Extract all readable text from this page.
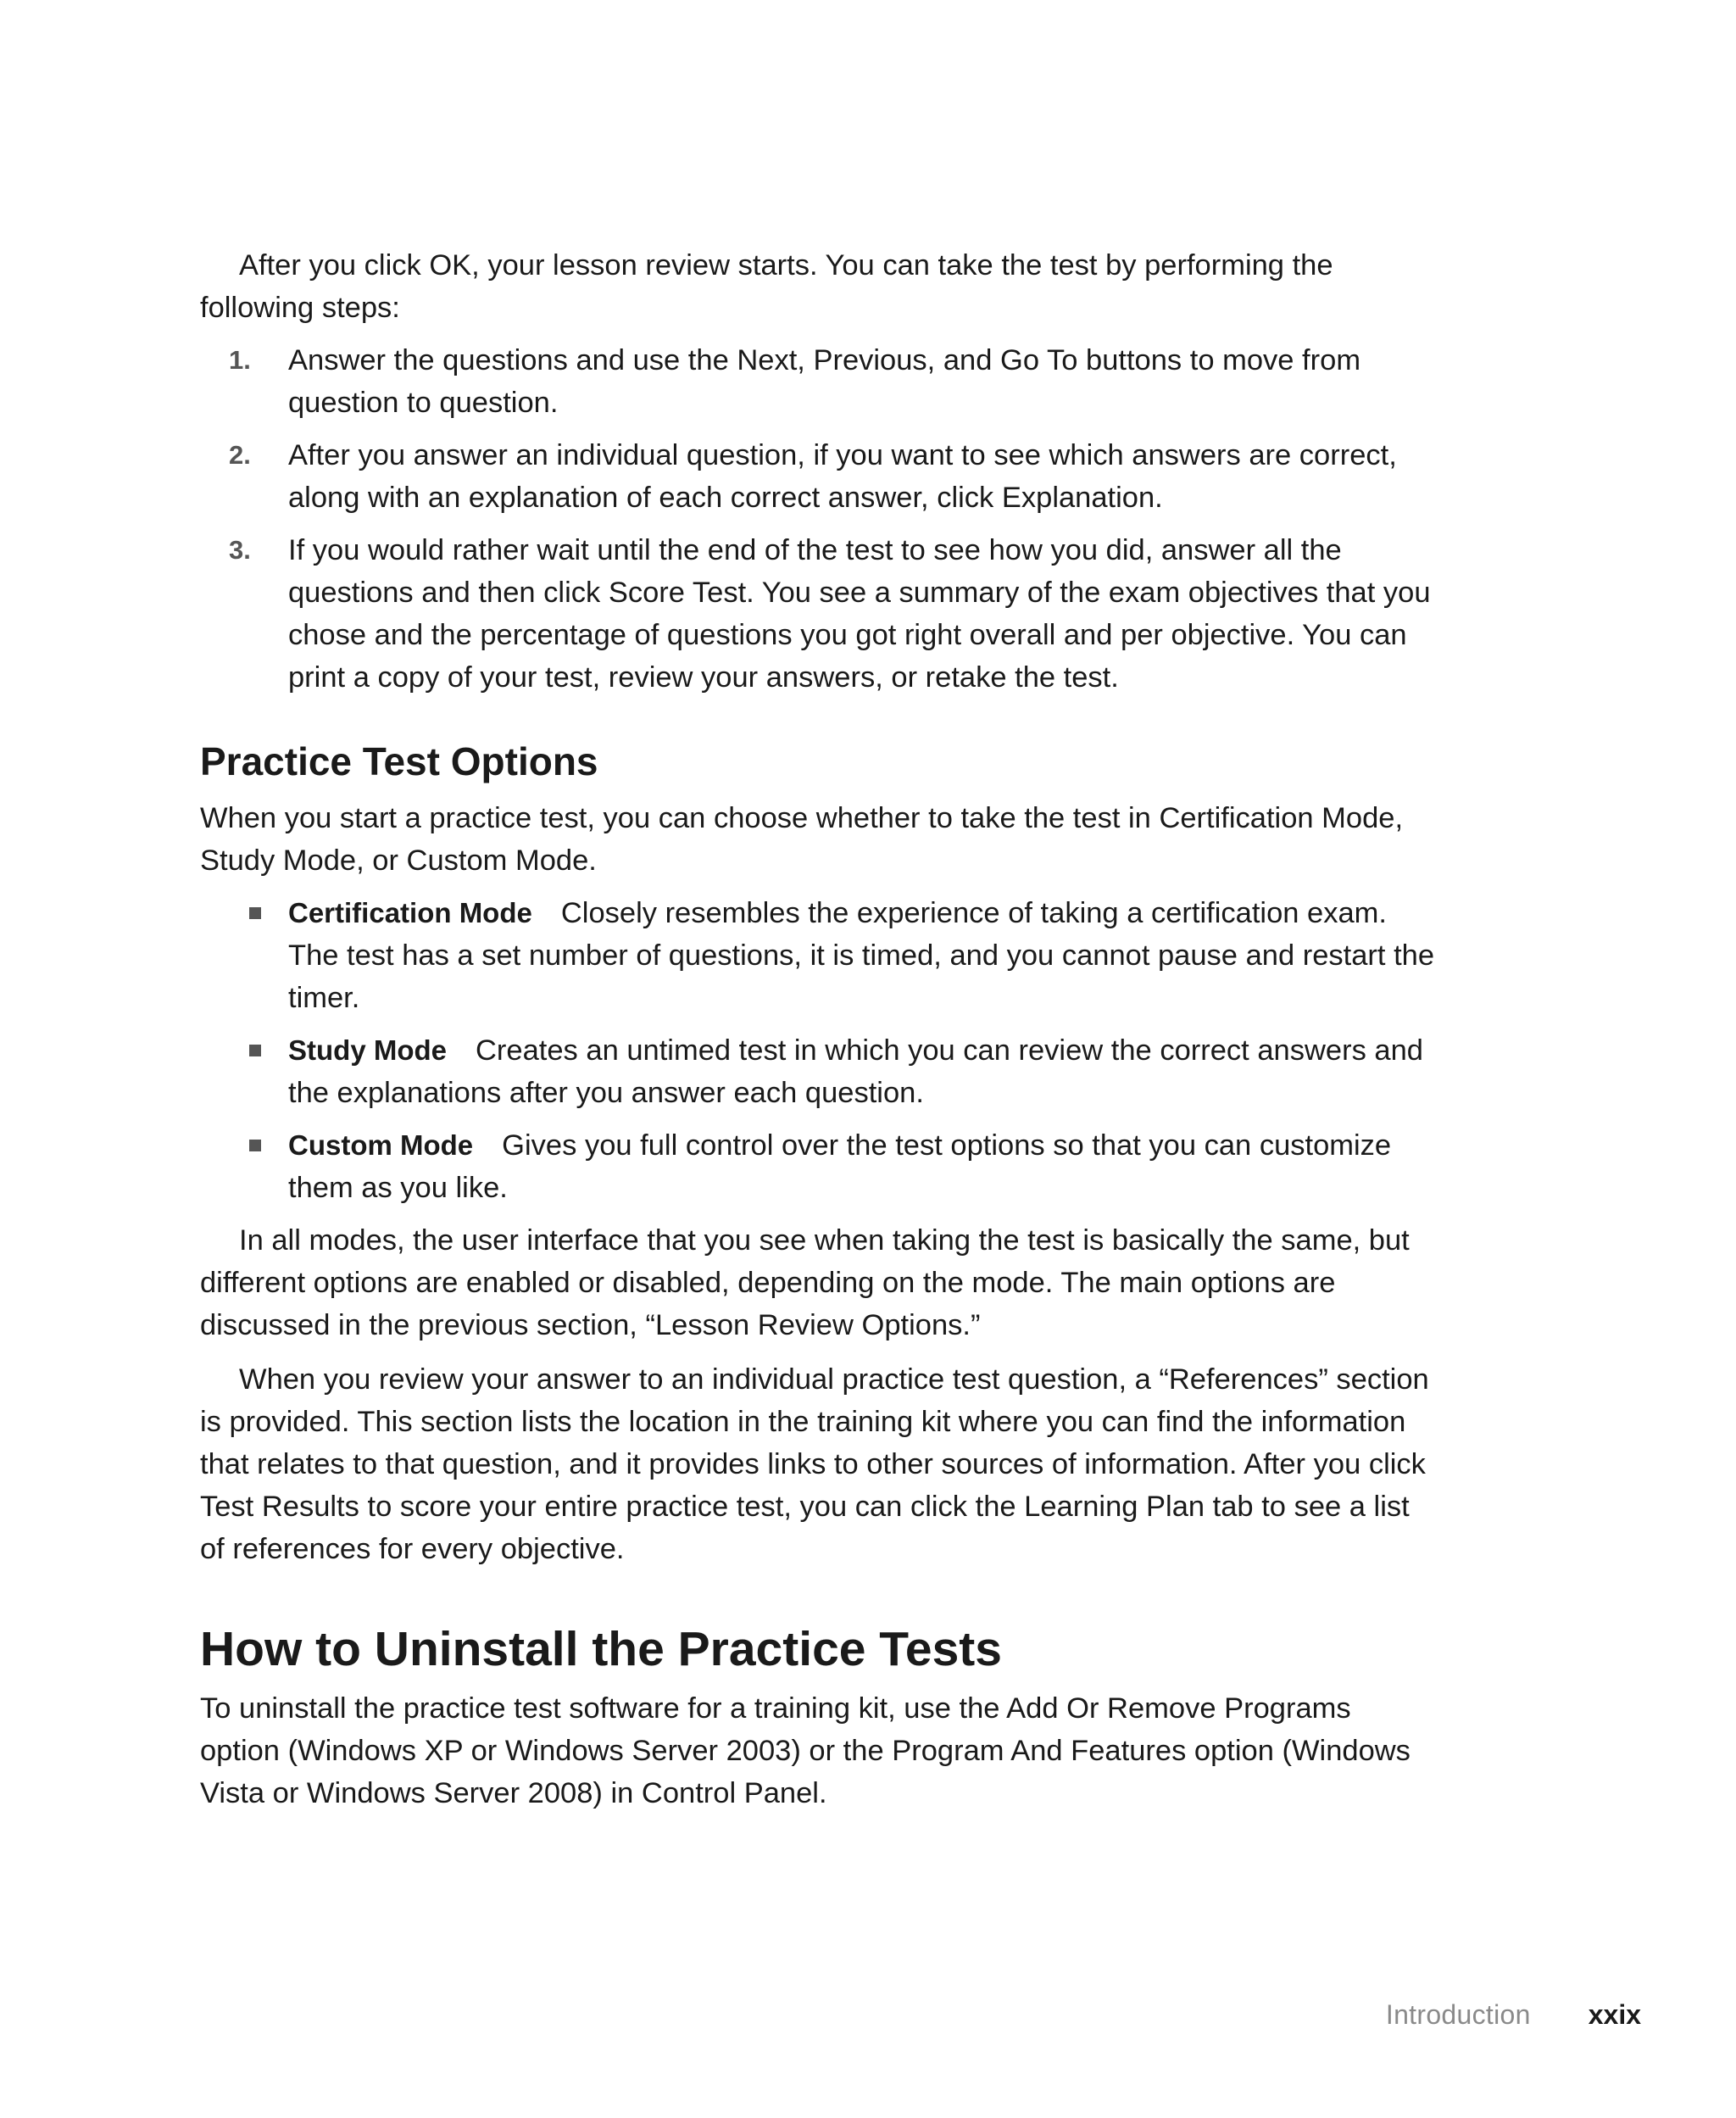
After you click OK, your lesson review starts. You can take the test by performing the following steps:

1. Answer the questions and use the Next, Previous, and Go To buttons to move from question to question.
2. After you answer an individual question, if you want to see which answers are correct, along with an explanation of each correct answer, click Explanation.
3. If you would rather wait until the end of the test to see how you did, answer all the questions and then click Score Test. You see a summary of the exam objectives that you chose and the percentage of questions you got right overall and per objective. You can print a copy of your test, review your answers, or retake the test.
Practice Test Options

When you start a practice test, you can choose whether to take the test in Certification Mode, Study Mode, or Custom Mode.

Certification Mode Closely resembles the experience of taking a certification exam. The test has a set number of questions, it is timed, and you cannot pause and restart the timer.
Study Mode Creates an untimed test in which you can review the correct answers and the explanations after you answer each question.
Custom Mode Gives you full control over the test options so that you can customize them as you like.

In all modes, the user interface that you see when taking the test is basically the same, but different options are enabled or disabled, depending on the mode. The main options are discussed in the previous section, “Lesson Review Options.”

When you review your answer to an individual practice test question, a “References” section is provided. This section lists the location in the training kit where you can find the information that relates to that question, and it provides links to other sources of information. After you click Test Results to score your entire practice test, you can click the Learning Plan tab to see a list of references for every objective.

How to Uninstall the Practice Tests

To uninstall the practice test software for a training kit, use the Add Or Remove Programs option (Windows XP or Windows Server 2003) or the Program And Features option (Windows Vista or Windows Server 2008) in Control Panel.

Introduction xxix
